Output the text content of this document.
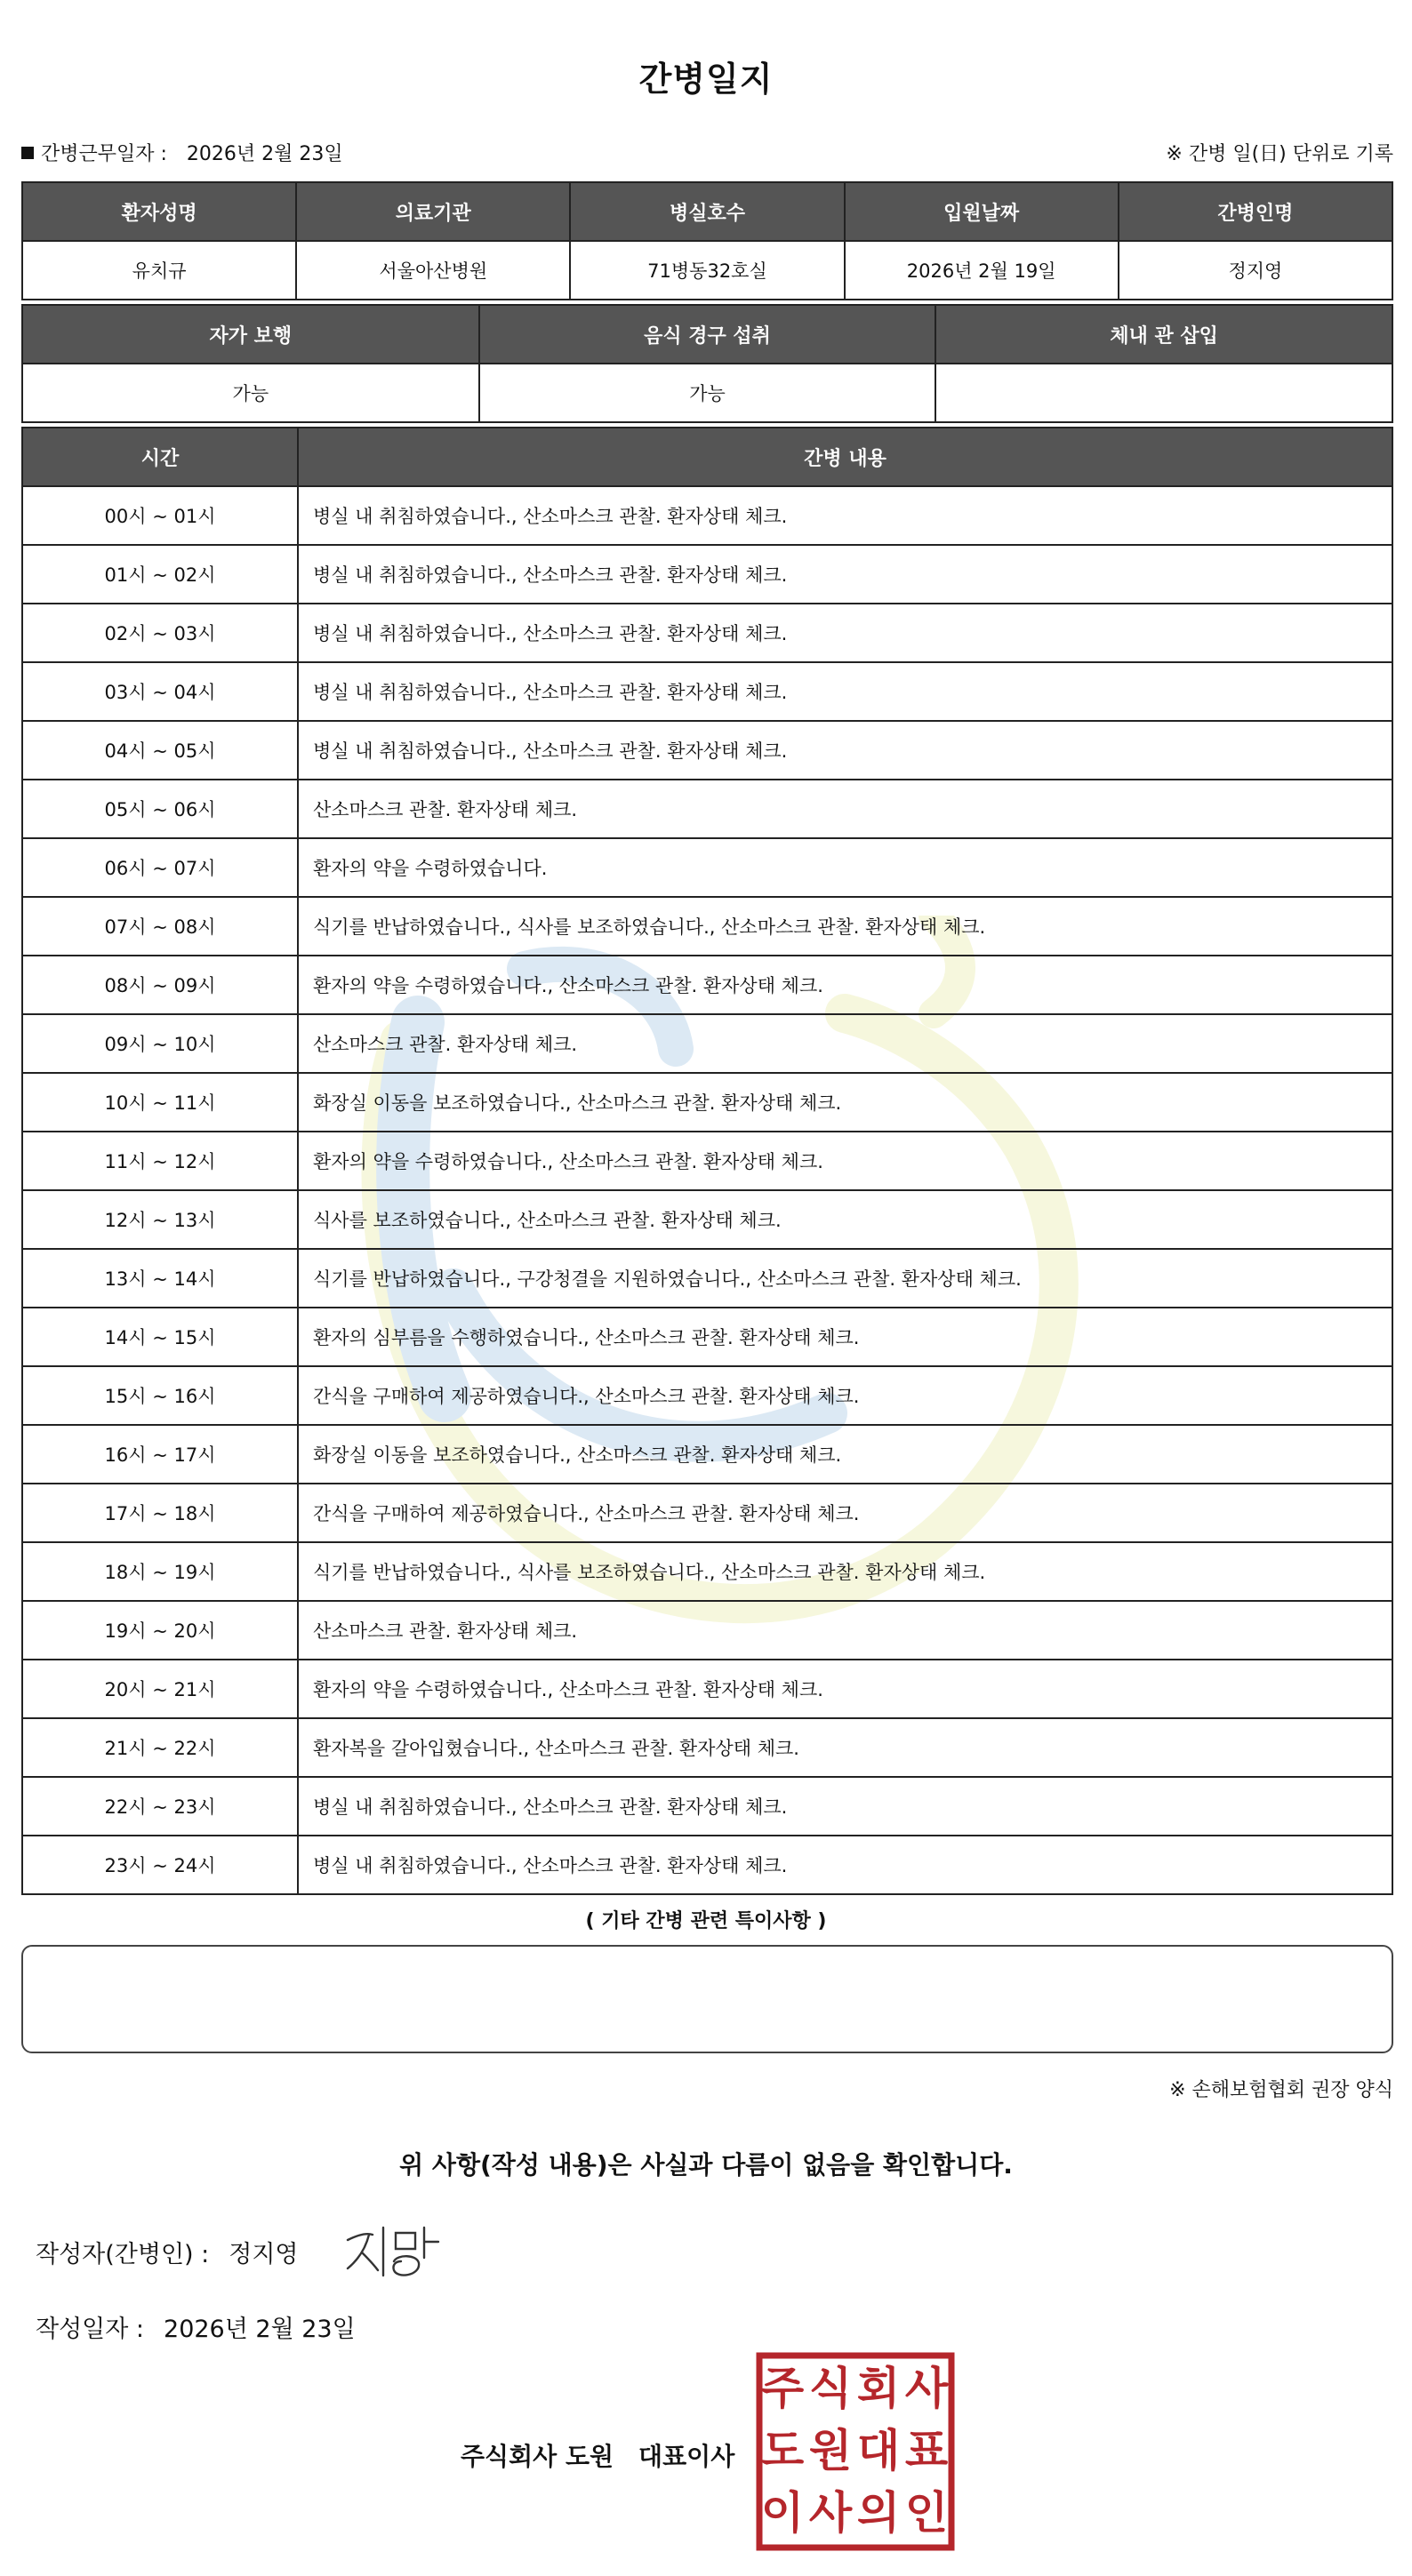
간병일지
간병근무일자 : 2026년 2월 23일	※ 간병 일(日) 단위로 기록
환자성명	의료기관	병실호수	입원날짜	간병인명
유치규	서울아산병원	71병동32호실	2026년 2월 19일	정지영
자가 보행	음식 경구 섭취	체내 관 삽입
가능	가능	
시간	간병 내용
00시 ~ 01시	병실 내 취침하였습니다., 산소마스크 관찰. 환자상태 체크.
01시 ~ 02시	병실 내 취침하였습니다., 산소마스크 관찰. 환자상태 체크.
02시 ~ 03시	병실 내 취침하였습니다., 산소마스크 관찰. 환자상태 체크.
03시 ~ 04시	병실 내 취침하였습니다., 산소마스크 관찰. 환자상태 체크.
04시 ~ 05시	병실 내 취침하였습니다., 산소마스크 관찰. 환자상태 체크.
05시 ~ 06시	산소마스크 관찰. 환자상태 체크.
06시 ~ 07시	환자의 약을 수령하였습니다.
07시 ~ 08시	식기를 반납하였습니다., 식사를 보조하였습니다., 산소마스크 관찰. 환자상태 체크.
08시 ~ 09시	환자의 약을 수령하였습니다., 산소마스크 관찰. 환자상태 체크.
09시 ~ 10시	산소마스크 관찰. 환자상태 체크.
10시 ~ 11시	화장실 이동을 보조하였습니다., 산소마스크 관찰. 환자상태 체크.
11시 ~ 12시	환자의 약을 수령하였습니다., 산소마스크 관찰. 환자상태 체크.
12시 ~ 13시	식사를 보조하였습니다., 산소마스크 관찰. 환자상태 체크.
13시 ~ 14시	식기를 반납하였습니다., 구강청결을 지원하였습니다., 산소마스크 관찰. 환자상태 체크.
14시 ~ 15시	환자의 심부름을 수행하였습니다., 산소마스크 관찰. 환자상태 체크.
15시 ~ 16시	간식을 구매하여 제공하였습니다., 산소마스크 관찰. 환자상태 체크.
16시 ~ 17시	화장실 이동을 보조하였습니다., 산소마스크 관찰. 환자상태 체크.
17시 ~ 18시	간식을 구매하여 제공하였습니다., 산소마스크 관찰. 환자상태 체크.
18시 ~ 19시	식기를 반납하였습니다., 식사를 보조하였습니다., 산소마스크 관찰. 환자상태 체크.
19시 ~ 20시	산소마스크 관찰. 환자상태 체크.
20시 ~ 21시	환자의 약을 수령하였습니다., 산소마스크 관찰. 환자상태 체크.
21시 ~ 22시	환자복을 갈아입혔습니다., 산소마스크 관찰. 환자상태 체크.
22시 ~ 23시	병실 내 취침하였습니다., 산소마스크 관찰. 환자상태 체크.
23시 ~ 24시	병실 내 취침하였습니다., 산소마스크 관찰. 환자상태 체크.
( 기타 간병 관련 특이사항 )
※ 손해보험협회 권장 양식
위 사항(작성 내용)은 사실과 다름이 없음을 확인합니다.
작성자(간병인) : 정지영
작성일자 : 2026년 2월 23일
주식회사 도원 대표이사
주 식 회 사
도 원 대 표
이 사 의 인
